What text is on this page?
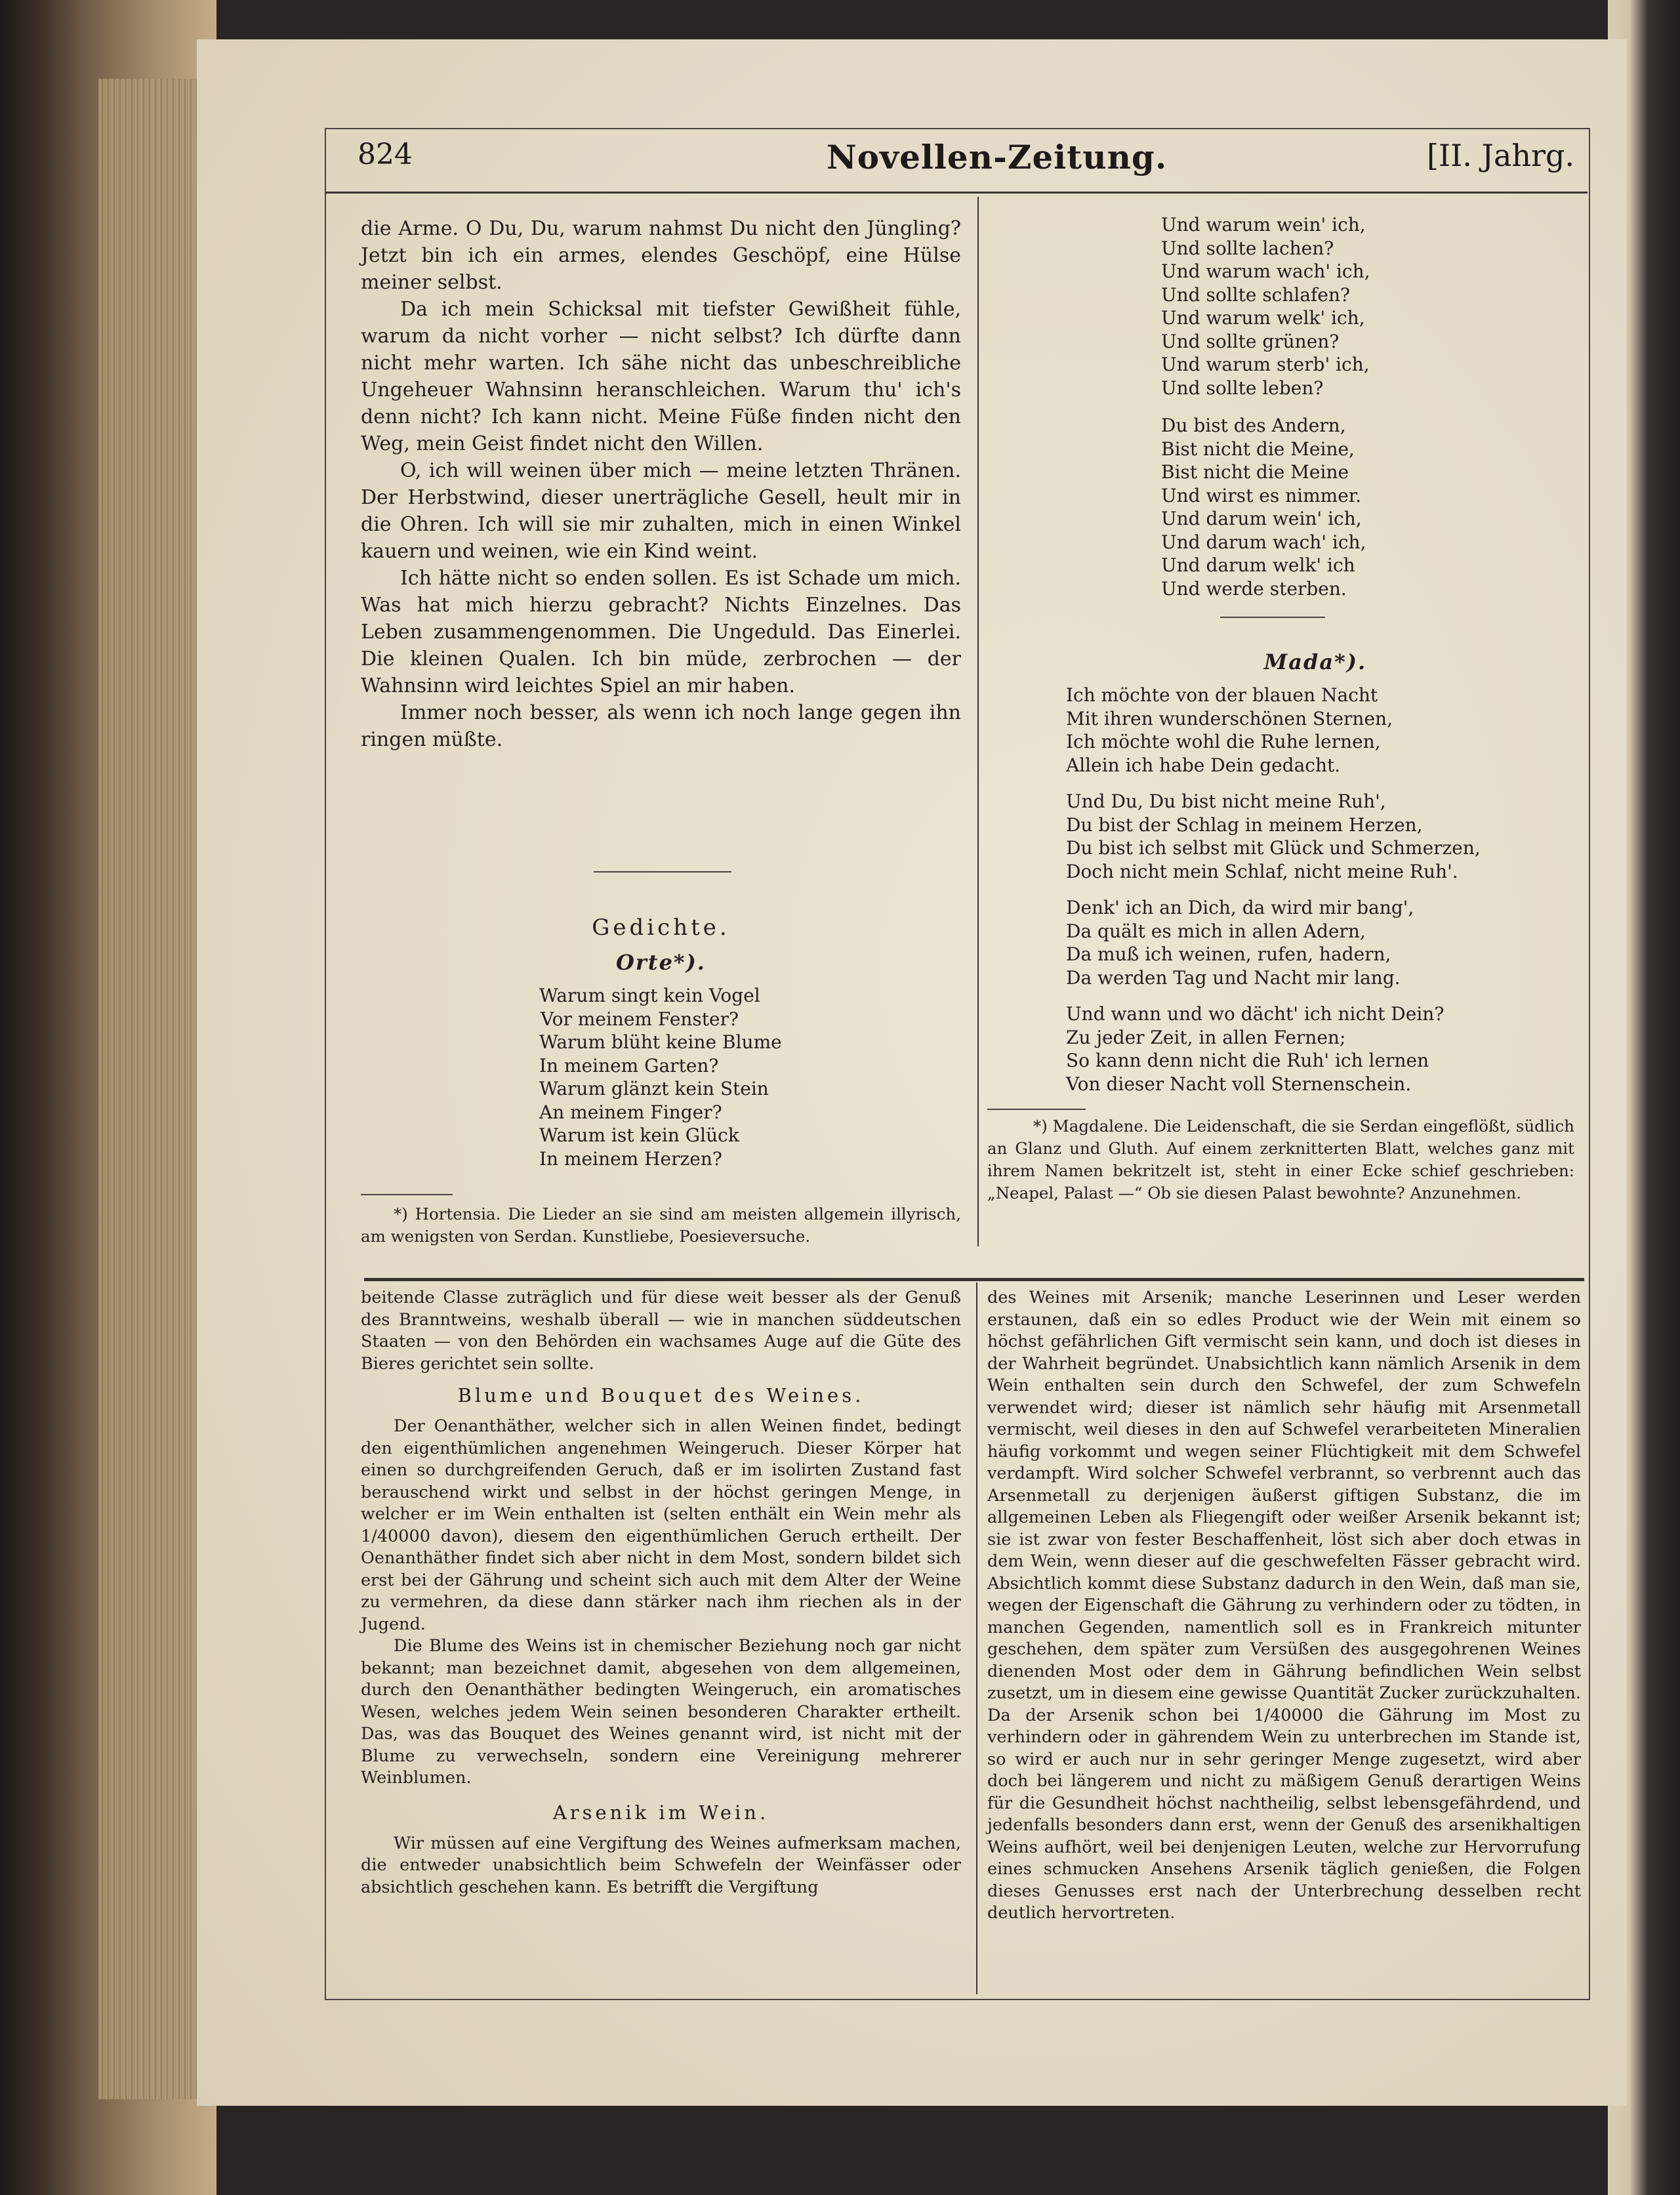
824	Novellen-Zeitung.	[II. Jahrg.

die Arme. O Du, Du, warum nahmst Du nicht den Jüngling? Jetzt bin ich ein armes, elendes Geschöpf, eine Hülse meiner selbst.

Da ich mein Schicksal mit tiefster Gewißheit fühle, warum da nicht vorher — nicht selbst? Ich dürfte dann nicht mehr warten. Ich sähe nicht das unbeschreibliche Ungeheuer Wahnsinn heranschleichen. Warum thu' ich's denn nicht? Ich kann nicht. Meine Füße finden nicht den Weg, mein Geist findet nicht den Willen.

O, ich will weinen über mich — meine letzten Thränen. Der Herbstwind, dieser unerträgliche Gesell, heult mir in die Ohren. Ich will sie mir zuhalten, mich in einen Winkel kauern und weinen, wie ein Kind weint.

Ich hätte nicht so enden sollen. Es ist Schade um mich. Was hat mich hierzu gebracht? Nichts Einzelnes. Das Leben zusammengenommen. Die Ungeduld. Das Einerlei. Die kleinen Qualen. Ich bin müde, zerbrochen — der Wahnsinn wird leichtes Spiel an mir haben.

Immer noch besser, als wenn ich noch lange gegen ihn ringen müßte.

Gedichte.
Orte*).
Warum singt kein Vogel
Vor meinem Fenster?
Warum blüht keine Blume
In meinem Garten?
Warum glänzt kein Stein
An meinem Finger?
Warum ist kein Glück
In meinem Herzen?
*) Hortensia. Die Lieder an sie sind am meisten allgemein illyrisch, am wenigsten von Serdan. Kunstliebe, Poesieversuche.
Und warum wein' ich,
Und sollte lachen?
Und warum wach' ich,
Und sollte schlafen?
Und warum welk' ich,
Und sollte grünen?
Und warum sterb' ich,
Und sollte leben?
Du bist des Andern,
Bist nicht die Meine,
Bist nicht die Meine
Und wirst es nimmer.
Und darum wein' ich,
Und darum wach' ich,
Und darum welk' ich
Und werde sterben.
Mada*).
Ich möchte von der blauen Nacht
Mit ihren wunderschönen Sternen,
Ich möchte wohl die Ruhe lernen,
Allein ich habe Dein gedacht.
Und Du, Du bist nicht meine Ruh',
Du bist der Schlag in meinem Herzen,
Du bist ich selbst mit Glück und Schmerzen,
Doch nicht mein Schlaf, nicht meine Ruh'.
Denk' ich an Dich, da wird mir bang',
Da quält es mich in allen Adern,
Da muß ich weinen, rufen, hadern,
Da werden Tag und Nacht mir lang.
Und wann und wo dächt' ich nicht Dein?
Zu jeder Zeit, in allen Fernen;
So kann denn nicht die Ruh' ich lernen
Von dieser Nacht voll Sternenschein.
*) Magdalene. Die Leidenschaft, die sie Serdan eingeflößt, südlich an Glanz und Gluth. Auf einem zerknitterten Blatt, welches ganz mit ihrem Namen bekritzelt ist, steht in einer Ecke schief geschrieben: „Neapel, Palast —“ Ob sie diesen Palast bewohnte? Anzunehmen.

beitende Classe zuträglich und für diese weit besser als der Genuß des Branntweins, weshalb überall — wie in manchen süddeutschen Staaten — von den Behörden ein wachsames Auge auf die Güte des Bieres gerichtet sein sollte.

Blume und Bouquet des Weines.

Der Oenanthäther, welcher sich in allen Weinen findet, bedingt den eigenthümlichen angenehmen Weingeruch. Dieser Körper hat einen so durchgreifenden Geruch, daß er im isolirten Zustand fast berauschend wirkt und selbst in der höchst geringen Menge, in welcher er im Wein enthalten ist (selten enthält ein Wein mehr als 1/40000 davon), diesem den eigenthümlichen Geruch ertheilt. Der Oenanthäther findet sich aber nicht in dem Most, sondern bildet sich erst bei der Gährung und scheint sich auch mit dem Alter der Weine zu vermehren, da diese dann stärker nach ihm riechen als in der Jugend.

Die Blume des Weins ist in chemischer Beziehung noch gar nicht bekannt; man bezeichnet damit, abgesehen von dem allgemeinen, durch den Oenanthäther bedingten Weingeruch, ein aromatisches Wesen, welches jedem Wein seinen besonderen Charakter ertheilt. Das, was das Bouquet des Weines genannt wird, ist nicht mit der Blume zu verwechseln, sondern eine Vereinigung mehrerer Weinblumen.

Arsenik im Wein.

Wir müssen auf eine Vergiftung des Weines aufmerksam machen, die entweder unabsichtlich beim Schwefeln der Weinfässer oder absichtlich geschehen kann. Es betrifft die Vergiftung

des Weines mit Arsenik; manche Leserinnen und Leser werden erstaunen, daß ein so edles Product wie der Wein mit einem so höchst gefährlichen Gift vermischt sein kann, und doch ist dieses in der Wahrheit begründet. Unabsichtlich kann nämlich Arsenik in dem Wein enthalten sein durch den Schwefel, der zum Schwefeln verwendet wird; dieser ist nämlich sehr häufig mit Arsenmetall vermischt, weil dieses in den auf Schwefel verarbeiteten Mineralien häufig vorkommt und wegen seiner Flüchtigkeit mit dem Schwefel verdampft. Wird solcher Schwefel verbrannt, so verbrennt auch das Arsenmetall zu derjenigen äußerst giftigen Substanz, die im allgemeinen Leben als Fliegengift oder weißer Arsenik bekannt ist; sie ist zwar von fester Beschaffenheit, löst sich aber doch etwas in dem Wein, wenn dieser auf die geschwefelten Fässer gebracht wird. Absichtlich kommt diese Substanz dadurch in den Wein, daß man sie, wegen der Eigenschaft die Gährung zu verhindern oder zu tödten, in manchen Gegenden, namentlich soll es in Frankreich mitunter geschehen, dem später zum Versüßen des ausgegohrenen Weines dienenden Most oder dem in Gährung befindlichen Wein selbst zusetzt, um in diesem eine gewisse Quantität Zucker zurückzuhalten. Da der Arsenik schon bei 1/40000 die Gährung im Most zu verhindern oder in gährendem Wein zu unterbrechen im Stande ist, so wird er auch nur in sehr geringer Menge zugesetzt, wird aber doch bei längerem und nicht zu mäßigem Genuß derartigen Weins für die Gesundheit höchst nachtheilig, selbst lebensgefährdend, und jedenfalls besonders dann erst, wenn der Genuß des arsenikhaltigen Weins aufhört, weil bei denjenigen Leuten, welche zur Hervorrufung eines schmucken Ansehens Arsenik täglich genießen, die Folgen dieses Genusses erst nach der Unterbrechung desselben recht deutlich hervortreten.
